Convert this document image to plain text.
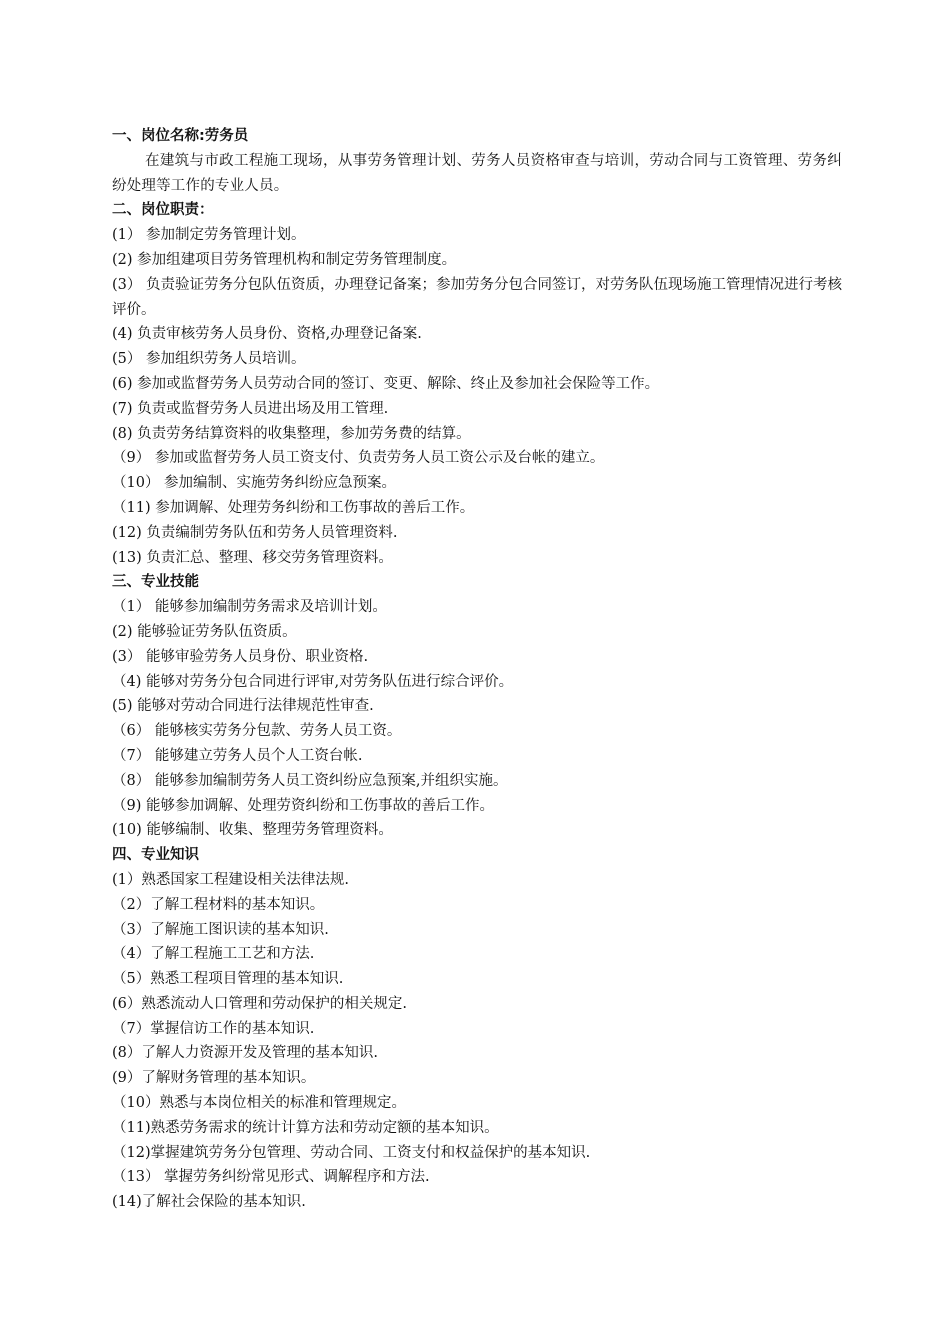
一、岗位名称:劳务员
在建筑与市政工程施工现场，从事劳务管理计划、劳务人员资格审查与培训，劳动合同与工资管理、劳务纠纷处理等工作的专业人员。
二、岗位职责：
(1） 参加制定劳务管理计划。
(2) 参加组建项目劳务管理机构和制定劳务管理制度。
(3） 负责验证劳务分包队伍资质，办理登记备案；参加劳务分包合同签订，对劳务队伍现场施工管理情况进行考核评价。
(4) 负责审核劳务人员身份、资格,办理登记备案.
(5） 参加组织劳务人员培训。
(6) 参加或监督劳务人员劳动合同的签订、变更、解除、终止及参加社会保险等工作。
(7) 负责或监督劳务人员进出场及用工管理.
(8) 负责劳务结算资料的收集整理，参加劳务费的结算。
（9） 参加或监督劳务人员工资支付、负责劳务人员工资公示及台帐的建立。
（10） 参加编制、实施劳务纠纷应急预案。
（11) 参加调解、处理劳务纠纷和工伤事故的善后工作。
(12) 负责编制劳务队伍和劳务人员管理资料.
(13) 负责汇总、整理、移交劳务管理资料。
三、专业技能
（1） 能够参加编制劳务需求及培训计划。
(2) 能够验证劳务队伍资质。
(3） 能够审验劳务人员身份、职业资格.
（4) 能够对劳务分包合同进行评审,对劳务队伍进行综合评价。
(5) 能够对劳动合同进行法律规范性审查.
（6） 能够核实劳务分包款、劳务人员工资。
（7） 能够建立劳务人员个人工资台帐.
（8） 能够参加编制劳务人员工资纠纷应急预案,并组织实施。
（9) 能够参加调解、处理劳资纠纷和工伤事故的善后工作。
(10) 能够编制、收集、整理劳务管理资料。
四、专业知识
(1）熟悉国家工程建设相关法律法规.
（2）了解工程材料的基本知识。
（3）了解施工图识读的基本知识.
（4）了解工程施工工艺和方法.
（5）熟悉工程项目管理的基本知识.
(6）熟悉流动人口管理和劳动保护的相关规定.
（7）掌握信访工作的基本知识.
(8）了解人力资源开发及管理的基本知识.
(9）了解财务管理的基本知识。
（10）熟悉与本岗位相关的标准和管理规定。
（11)熟悉劳务需求的统计计算方法和劳动定额的基本知识。
（12)掌握建筑劳务分包管理、劳动合同、工资支付和权益保护的基本知识.
（13） 掌握劳务纠纷常见形式、调解程序和方法.
(14)了解社会保险的基本知识.
